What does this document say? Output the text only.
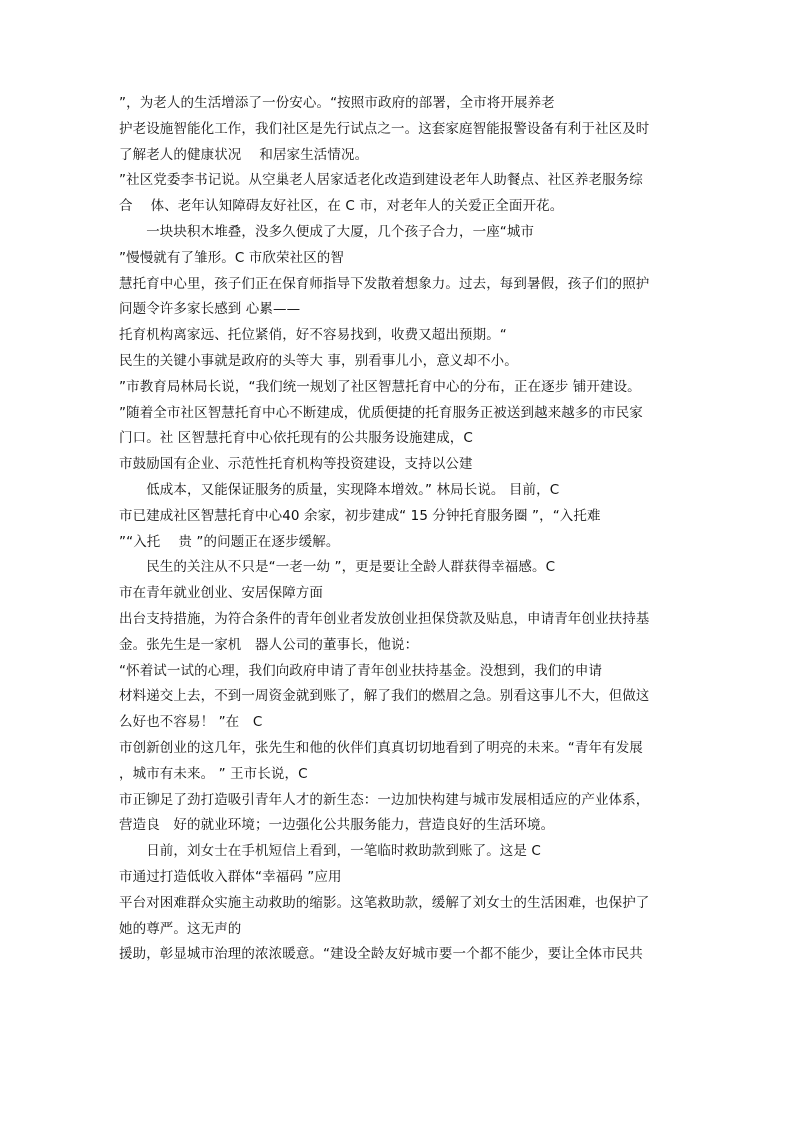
”，为老人的生活增添了一份安心。“按照市政府的部署，全市将开展养老
护老设施智能化工作，我们社区是先行试点之一。这套家庭智能报警设备有利于社区及时
了解老人的健康状况　 和居家生活情况。
”社区党委李书记说。从空巢老人居家适老化改造到建设老年人助餐点、社区养老服务综
合　 体、老年认知障碍友好社区，在 C 市，对老年人的关爱正全面开花。
　　一块块积木堆叠，没多久便成了大厦，几个孩子合力，一座“城市
”慢慢就有了雏形。C 市欣荣社区的智
慧托育中心里，孩子们正在保育师指导下发散着想象力。过去，每到暑假，孩子们的照护
问题令许多家长感到 心累——
托育机构离家远、托位紧俏，好不容易找到，收费又超出预期。“
民生的关键小事就是政府的头等大 事，别看事儿小，意义却不小。
”市教育局林局长说，“我们统一规划了社区智慧托育中心的分布，正在逐步 铺开建设。
”随着全市社区智慧托育中心不断建成，优质便捷的托育服务正被送到越来越多的市民家
门口。社 区智慧托育中心依托现有的公共服务设施建成，C
市鼓励国有企业、示范性托育机构等投资建设，支持以公建
　　低成本，又能保证服务的质量，实现降本增效。” 林局长说。 目前，C
市已建成社区智慧托育中心40 余家，初步建成“ 15 分钟托育服务圈 ”，“入托难
”“入托　 贵 ”的问题正在逐步缓解。
　　民生的关注从不只是“一老一幼 ”，更是要让全龄人群获得幸福感。C
市在青年就业创业、安居保障方面
出台支持措施，为符合条件的青年创业者发放创业担保贷款及贴息，申请青年创业扶持基
金。张先生是一家机　器人公司的董事长，他说：
“怀着试一试的心理，我们向政府申请了青年创业扶持基金。没想到，我们的申请
材料递交上去，不到一周资金就到账了，解了我们的燃眉之急。别看这事儿不大，但做这
么好也不容易！ ”在　C
市创新创业的这几年，张先生和他的伙伴们真真切切地看到了明亮的未来。“青年有发展
，城市有未来。 ” 王市长说，C
市正铆足了劲打造吸引青年人才的新生态：一边加快构建与城市发展相适应的产业体系，
营造良　好的就业环境；一边强化公共服务能力，营造良好的生活环境。
　　日前，刘女士在手机短信上看到，一笔临时救助款到账了。这是 C
市通过打造低收入群体“幸福码 ”应用
平台对困难群众实施主动救助的缩影。这笔救助款，缓解了刘女士的生活困难，也保护了
她的尊严。这无声的
援助，彰显城市治理的浓浓暖意。“建设全龄友好城市要一个都不能少，要让全体市民共
